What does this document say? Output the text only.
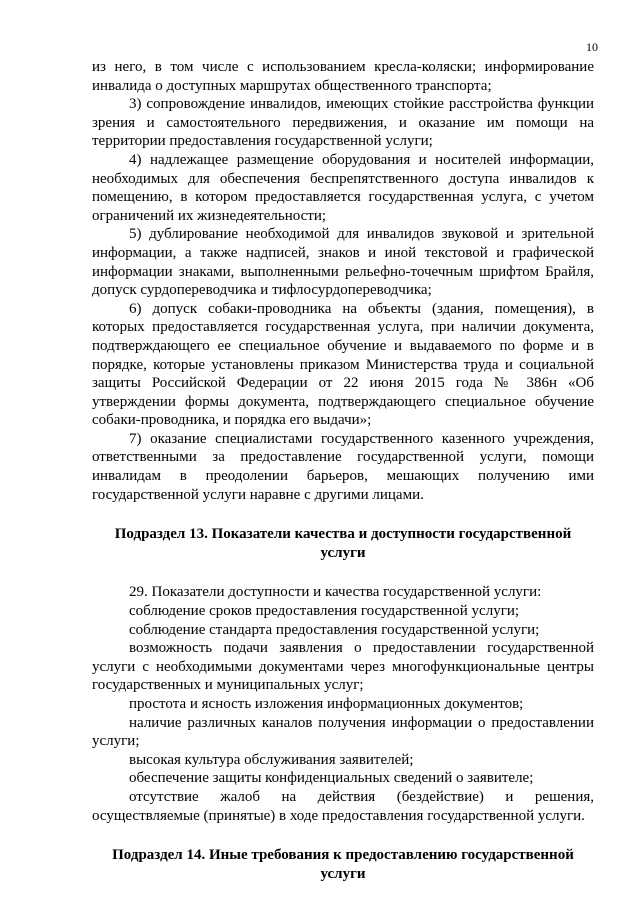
10

из него, в том числе с использованием кресла-коляски; информирование инвалида о доступных маршрутах общественного транспорта;

3) сопровождение инвалидов, имеющих стойкие расстройства функции зрения и самостоятельного передвижения, и оказание им помощи на территории предоставления государственной услуги;

4) надлежащее размещение оборудования и носителей информации, необходимых для обеспечения беспрепятственного доступа инвалидов к помещению, в котором предоставляется государственная услуга, с учетом ограничений их жизнедеятельности;

5) дублирование необходимой для инвалидов звуковой и зрительной информации, а также надписей, знаков и иной текстовой и графической информации знаками, выполненными рельефно-точечным шрифтом Брайля, допуск сурдопереводчика и тифлосурдопереводчика;

6) допуск собаки-проводника на объекты (здания, помещения), в которых предоставляется государственная услуга, при наличии документа, подтверждающего ее специальное обучение и выдаваемого по форме и в порядке, которые установлены приказом Министерства труда и социальной защиты Российской Федерации от 22 июня 2015 года № 386н «Об утверждении формы документа, подтверждающего специальное обучение собаки-проводника, и порядка его выдачи»;

7) оказание специалистами государственного казенного учреждения, ответственными за предоставление государственной услуги, помощи инвалидам в преодолении барьеров, мешающих получению ими государственной услуги наравне с другими лицами.

Подраздел 13. Показатели качества и доступности государственной услуги

29. Показатели доступности и качества государственной услуги:

соблюдение сроков предоставления государственной услуги;

соблюдение стандарта предоставления государственной услуги;

возможность подачи заявления о предоставлении государственной услуги с необходимыми документами через многофункциональные центры государственных и муниципальных услуг;

простота и ясность изложения информационных документов;

наличие различных каналов получения информации о предоставлении услуги;

высокая культура обслуживания заявителей;

обеспечение защиты конфиденциальных сведений о заявителе;

отсутствие жалоб на действия (бездействие) и решения, осуществляемые (принятые) в ходе предоставления государственной услуги.

Подраздел 14. Иные требования к предоставлению государственной услуги
